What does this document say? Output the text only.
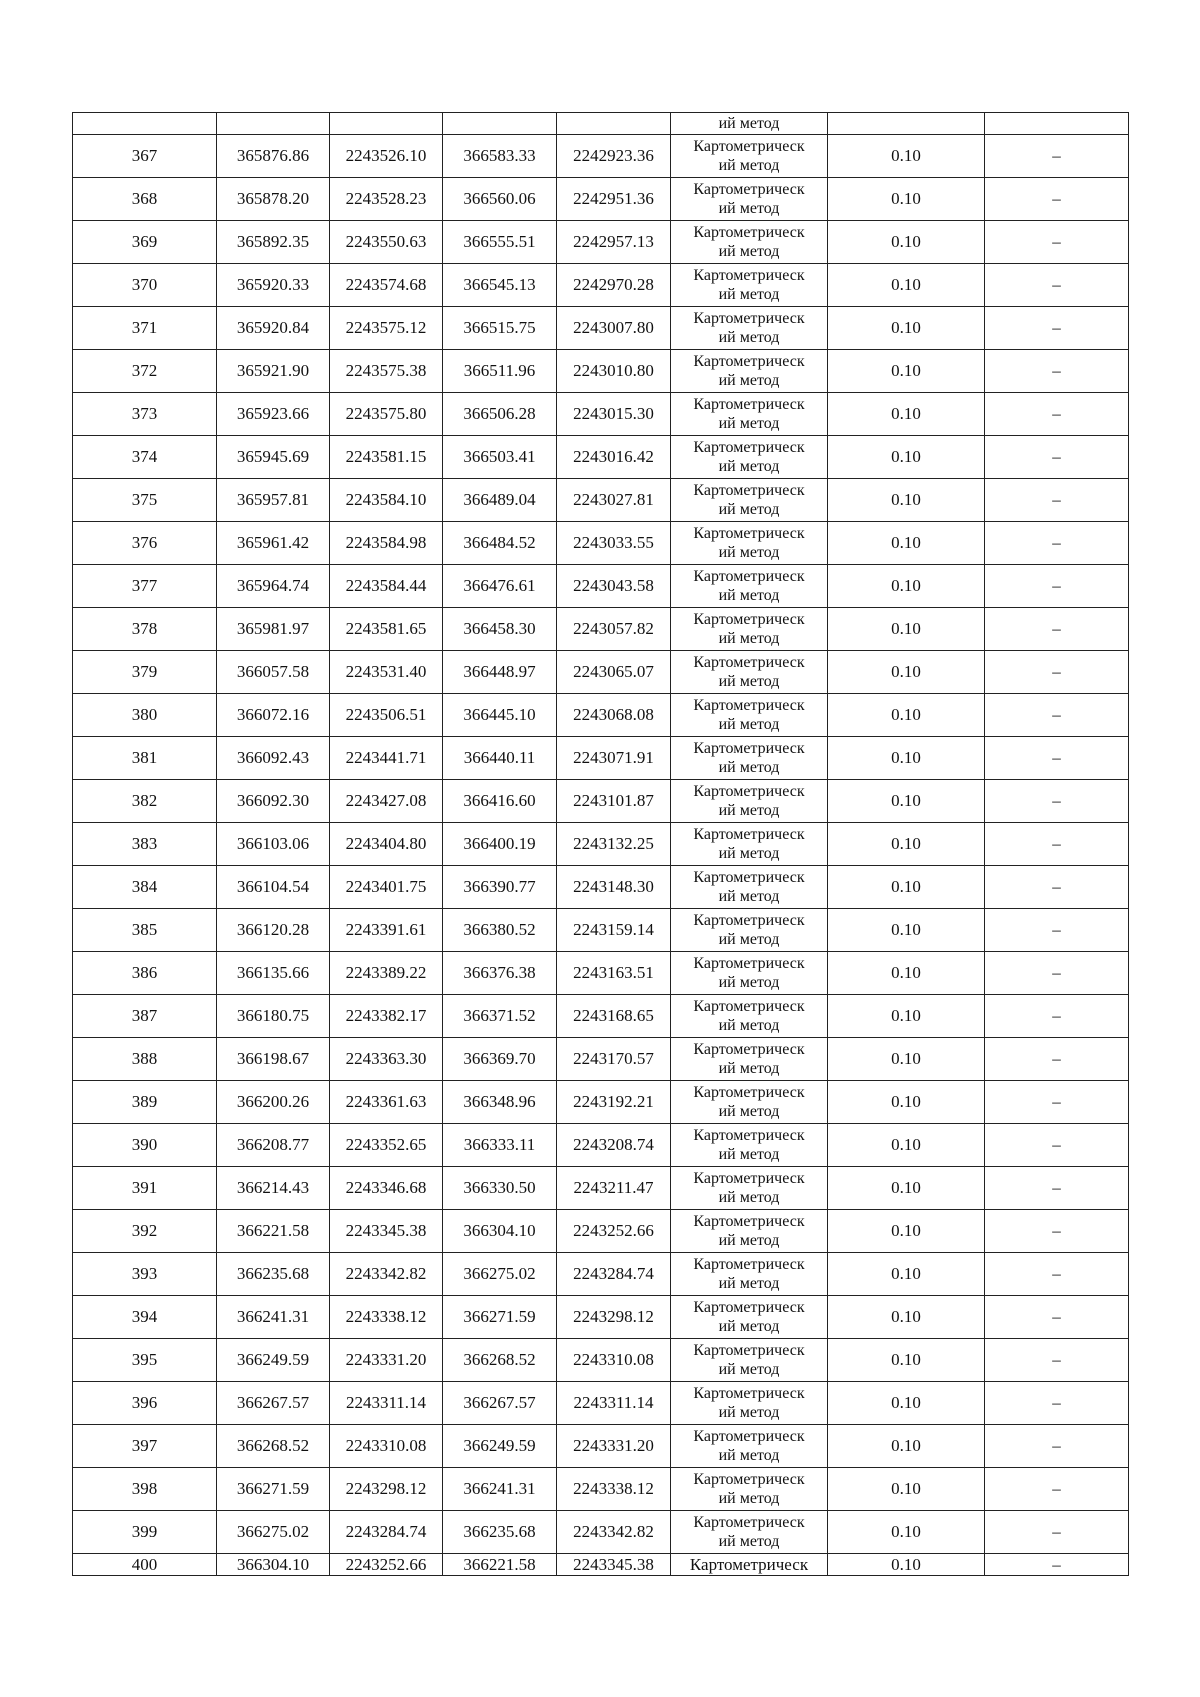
					ий метод		
367	365876.86	2243526.10	366583.33	2242923.36	Картометрическ
ий метод	0.10	–
368	365878.20	2243528.23	366560.06	2242951.36	Картометрическ
ий метод	0.10	–
369	365892.35	2243550.63	366555.51	2242957.13	Картометрическ
ий метод	0.10	–
370	365920.33	2243574.68	366545.13	2242970.28	Картометрическ
ий метод	0.10	–
371	365920.84	2243575.12	366515.75	2243007.80	Картометрическ
ий метод	0.10	–
372	365921.90	2243575.38	366511.96	2243010.80	Картометрическ
ий метод	0.10	–
373	365923.66	2243575.80	366506.28	2243015.30	Картометрическ
ий метод	0.10	–
374	365945.69	2243581.15	366503.41	2243016.42	Картометрическ
ий метод	0.10	–
375	365957.81	2243584.10	366489.04	2243027.81	Картометрическ
ий метод	0.10	–
376	365961.42	2243584.98	366484.52	2243033.55	Картометрическ
ий метод	0.10	–
377	365964.74	2243584.44	366476.61	2243043.58	Картометрическ
ий метод	0.10	–
378	365981.97	2243581.65	366458.30	2243057.82	Картометрическ
ий метод	0.10	–
379	366057.58	2243531.40	366448.97	2243065.07	Картометрическ
ий метод	0.10	–
380	366072.16	2243506.51	366445.10	2243068.08	Картометрическ
ий метод	0.10	–
381	366092.43	2243441.71	366440.11	2243071.91	Картометрическ
ий метод	0.10	–
382	366092.30	2243427.08	366416.60	2243101.87	Картометрическ
ий метод	0.10	–
383	366103.06	2243404.80	366400.19	2243132.25	Картометрическ
ий метод	0.10	–
384	366104.54	2243401.75	366390.77	2243148.30	Картометрическ
ий метод	0.10	–
385	366120.28	2243391.61	366380.52	2243159.14	Картометрическ
ий метод	0.10	–
386	366135.66	2243389.22	366376.38	2243163.51	Картометрическ
ий метод	0.10	–
387	366180.75	2243382.17	366371.52	2243168.65	Картометрическ
ий метод	0.10	–
388	366198.67	2243363.30	366369.70	2243170.57	Картометрическ
ий метод	0.10	–
389	366200.26	2243361.63	366348.96	2243192.21	Картометрическ
ий метод	0.10	–
390	366208.77	2243352.65	366333.11	2243208.74	Картометрическ
ий метод	0.10	–
391	366214.43	2243346.68	366330.50	2243211.47	Картометрическ
ий метод	0.10	–
392	366221.58	2243345.38	366304.10	2243252.66	Картометрическ
ий метод	0.10	–
393	366235.68	2243342.82	366275.02	2243284.74	Картометрическ
ий метод	0.10	–
394	366241.31	2243338.12	366271.59	2243298.12	Картометрическ
ий метод	0.10	–
395	366249.59	2243331.20	366268.52	2243310.08	Картометрическ
ий метод	0.10	–
396	366267.57	2243311.14	366267.57	2243311.14	Картометрическ
ий метод	0.10	–
397	366268.52	2243310.08	366249.59	2243331.20	Картометрическ
ий метод	0.10	–
398	366271.59	2243298.12	366241.31	2243338.12	Картометрическ
ий метод	0.10	–
399	366275.02	2243284.74	366235.68	2243342.82	Картометрическ
ий метод	0.10	–
400	366304.10	2243252.66	366221.58	2243345.38	Картометрическ	0.10	–
